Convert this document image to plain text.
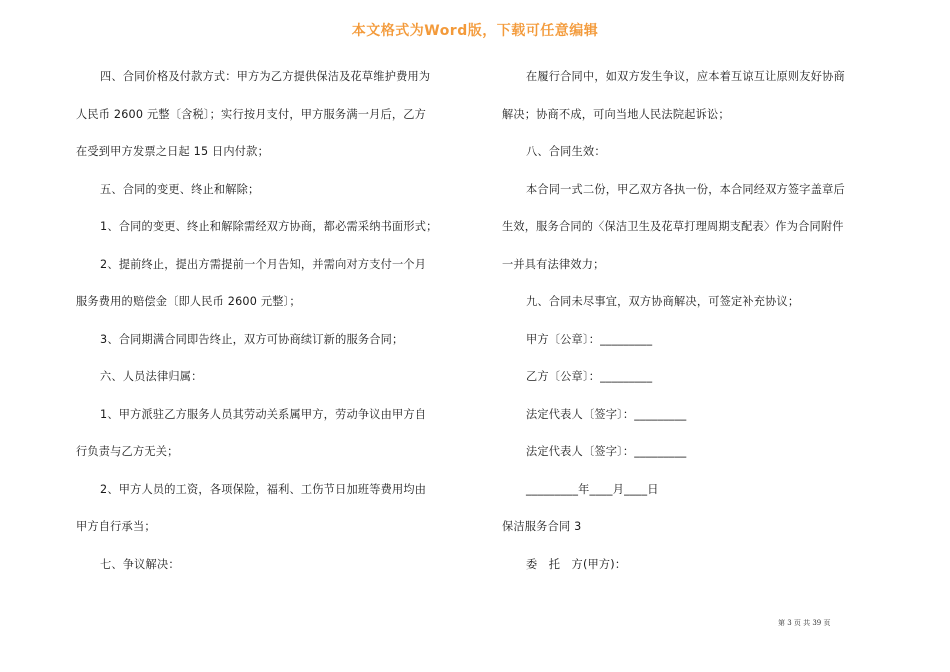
本文格式为Word版，下载可任意编辑
四、合同价格及付款方式：甲方为乙方提供保洁及花草维护费用为
人民币 2600 元整〔含税〕；实行按月支付，甲方服务满一月后，乙方
在受到甲方发票之日起 15 日内付款；
五、合同的变更、终止和解除；
1、合同的变更、终止和解除需经双方协商，都必需采纳书面形式；
2、提前终止，提出方需提前一个月告知，并需向对方支付一个月
服务费用的赔偿金〔即人民币 2600 元整〕；
3、合同期满合同即告终止，双方可协商续订新的服务合同；
六、人员法律归属：
1、甲方派驻乙方服务人员其劳动关系属甲方，劳动争议由甲方自
行负责与乙方无关；
2、甲方人员的工资，各项保险，福利、工伤节日加班等费用均由
甲方自行承当；
七、争议解决：
在履行合同中，如双方发生争议，应本着互谅互让原则友好协商
解决；协商不成，可向当地人民法院起诉讼；
八、合同生效：
本合同一式二份，甲乙双方各执一份，本合同经双方签字盖章后
生效，服务合同的〈保洁卫生及花草打理周期支配表〉作为合同附件
一并具有法律效力；
九、合同未尽事宜，双方协商解决，可签定补充协议；
甲方〔公章〕：_________
乙方〔公章〕：_________
法定代表人〔签字〕：_________
法定代表人〔签字〕：_________
_________年____月____日
保洁服务合同 3
委　托　方(甲方)：
第 3 页 共 39 页
